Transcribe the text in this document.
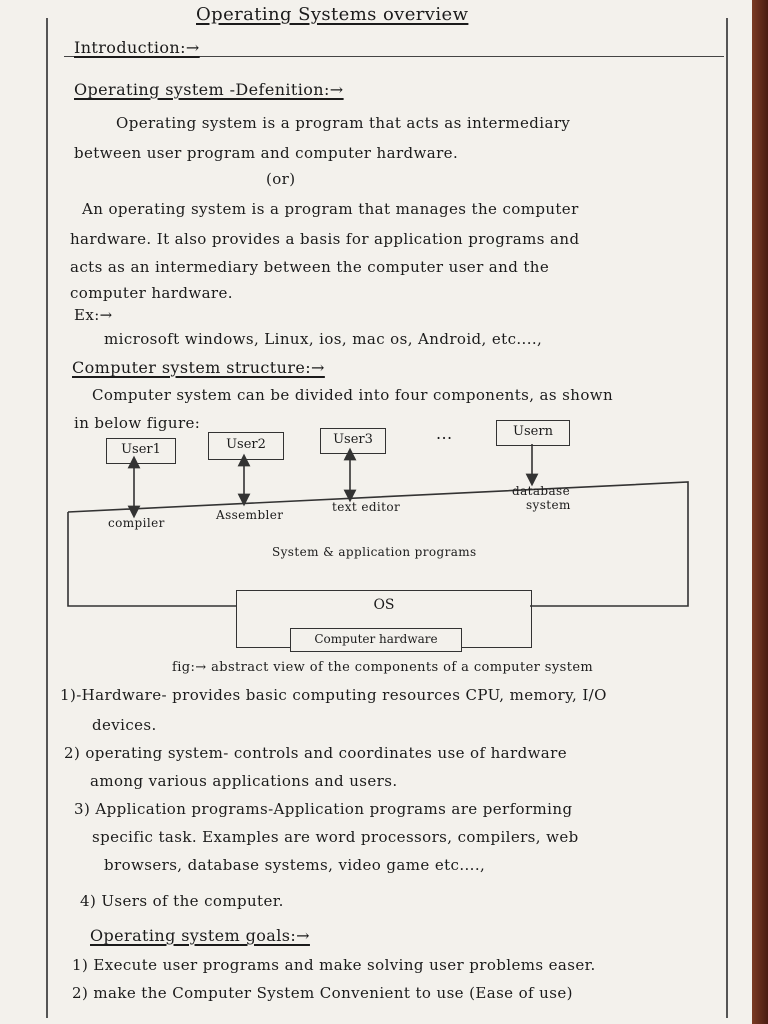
Operating Systems overview
Introduction:→
Operating system -Defenition:→
Operating system is a program that acts as intermediary
between user program and computer hardware.
(or)
An operating system is a program that manages the computer
hardware. It also provides a basis for application programs and
acts as an intermediary between the computer user and the
computer hardware.
Ex:→
microsoft windows, Linux, ios, mac os, Android, etc....,
Computer system structure:→
Computer system can be divided into four components, as shown
in below figure:
User1	User2	User3	...	Usern
compiler
Assembler
text editor
database
system
System & application programs
OS
Computer hardware
fig:→ abstract view of the components of a computer system
1)-Hardware- provides basic computing resources CPU, memory, I/O
devices.
2) operating system- controls and coordinates use of hardware
among various applications and users.
3) Application programs-Application programs are performing
specific task. Examples are word processors, compilers, web
browsers, database systems, video game etc....,
4) Users of the computer.
Operating system goals:→
1) Execute user programs and make solving user problems easer.
2) make the Computer System Convenient to use (Ease of use)
